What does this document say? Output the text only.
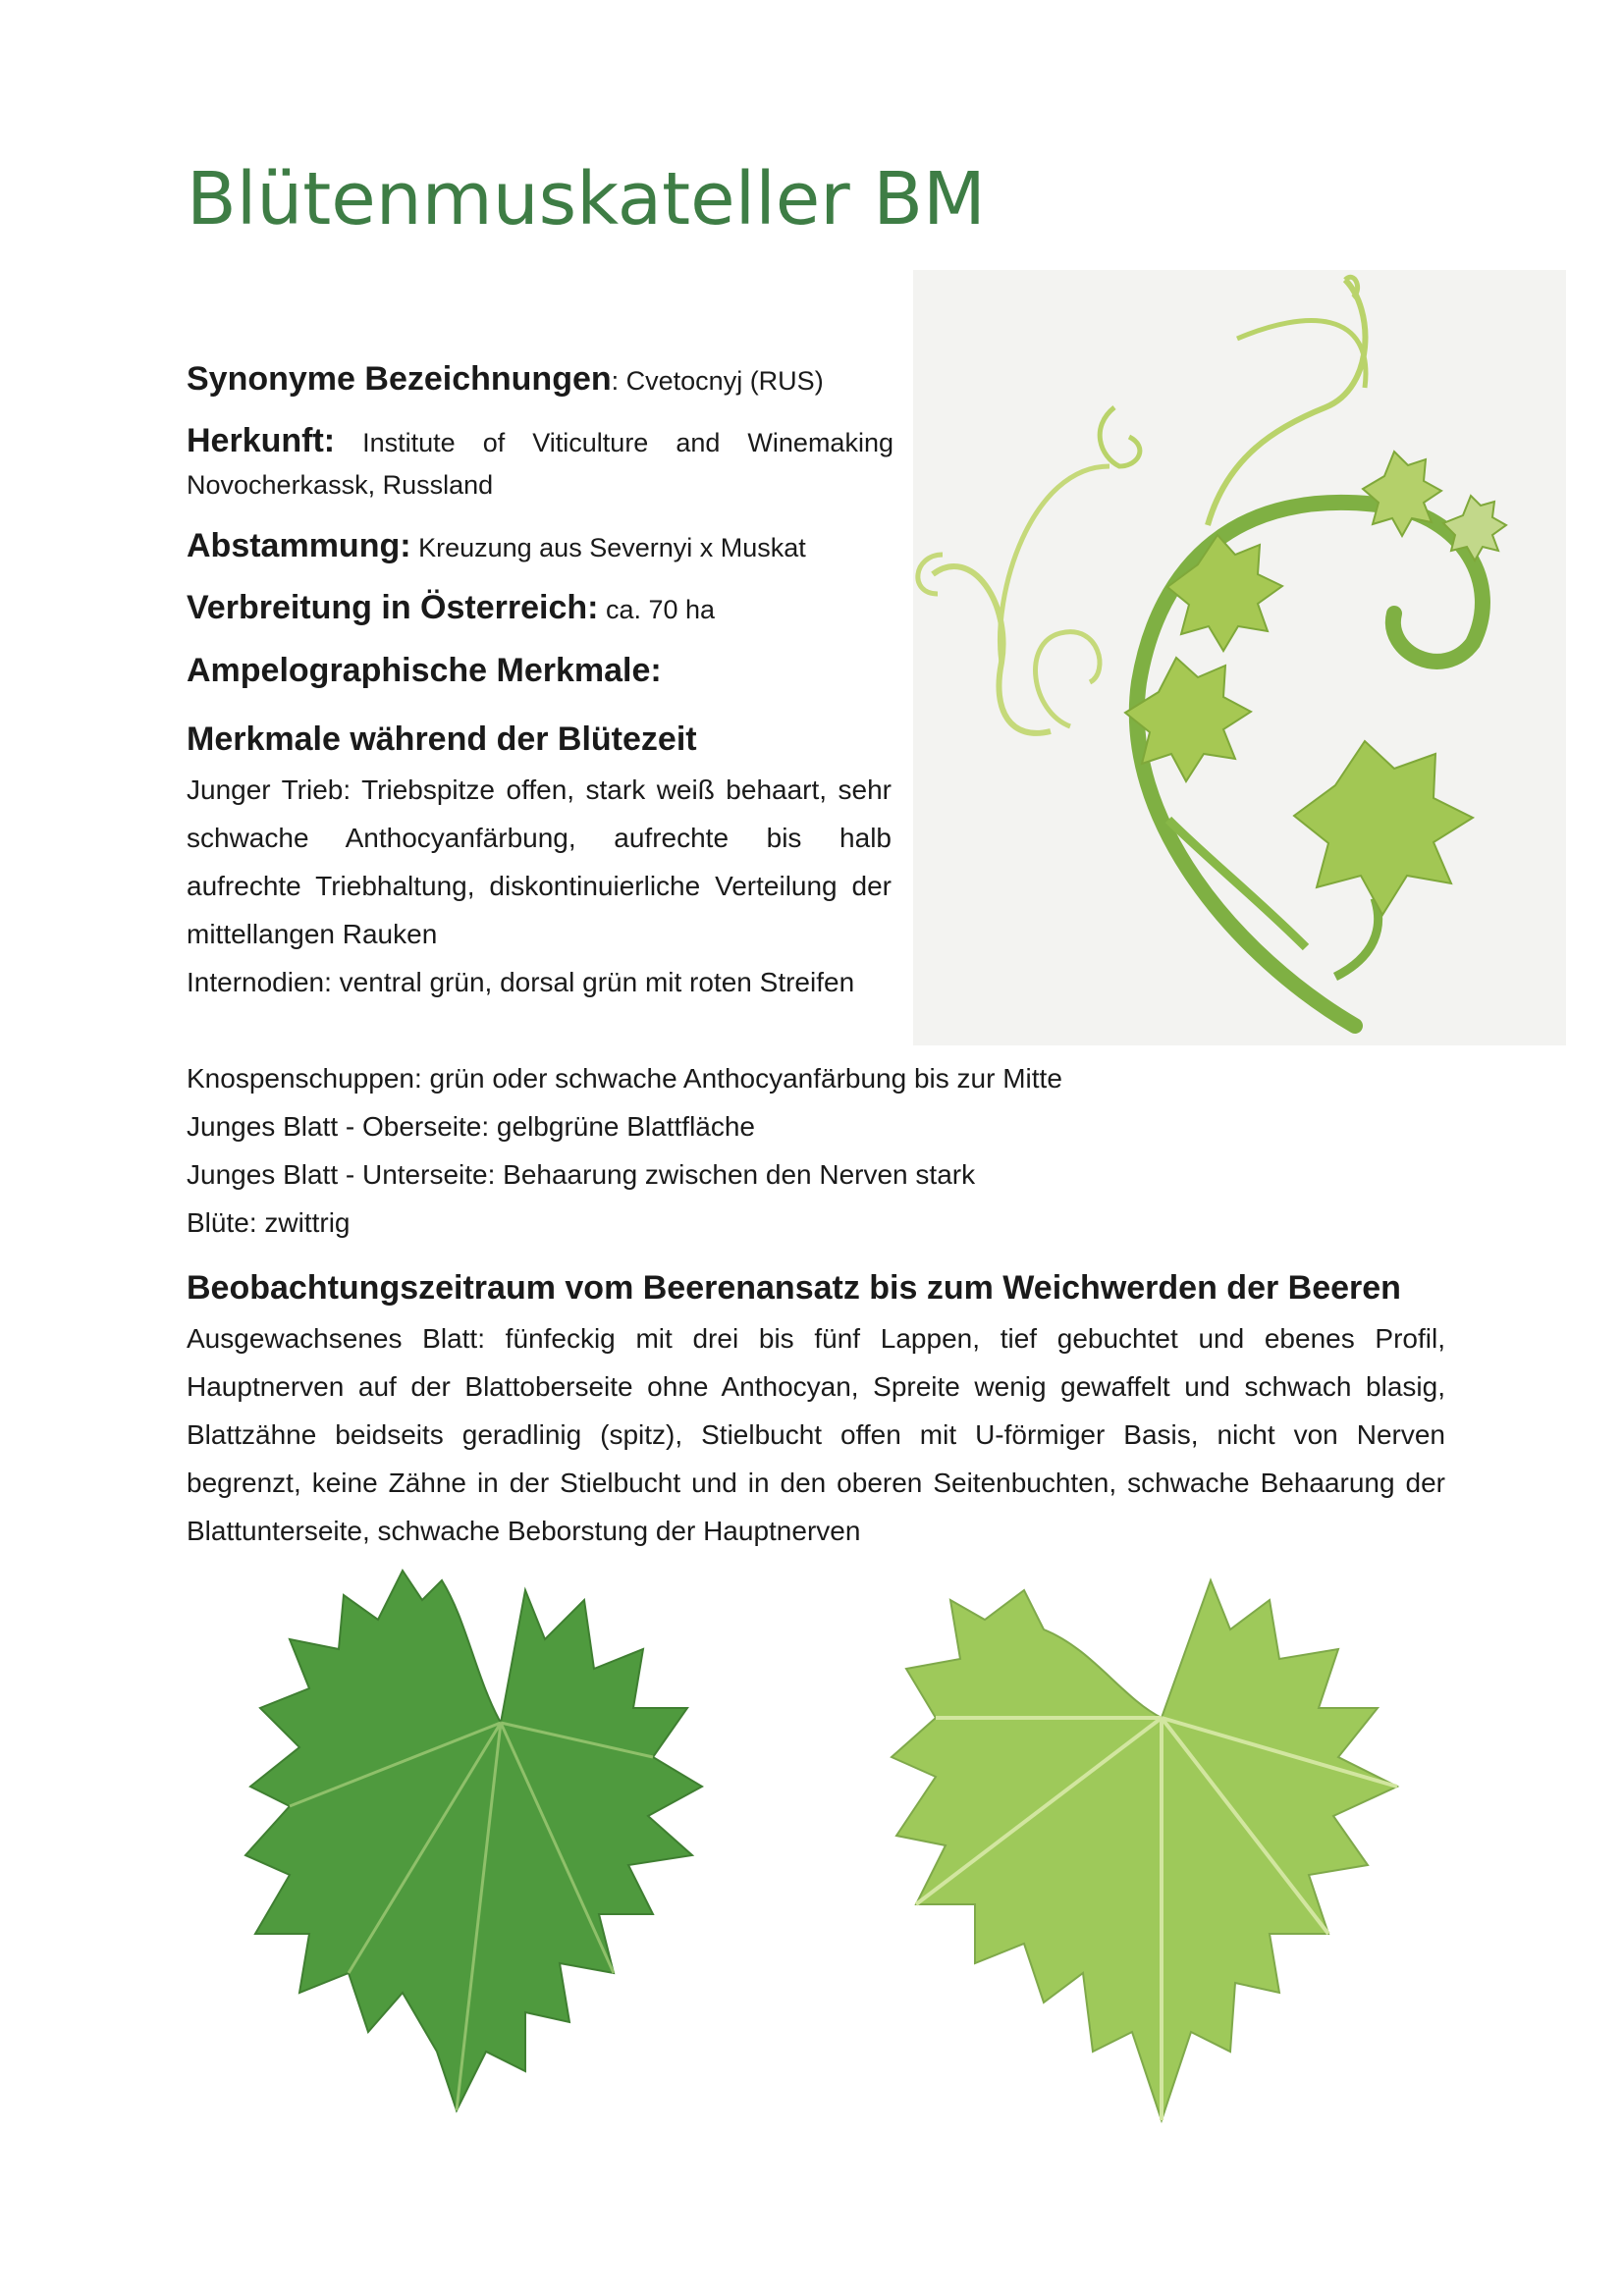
Blütenmuskateller BM
Synonyme Bezeichnungen: Cvetocnyj (RUS)
Herkunft: Institute of Viticulture and Winemaking Novocherkassk, Russland
Abstammung: Kreuzung aus Severnyi x Muskat
Verbreitung in Österreich: ca. 70 ha
Ampelographische Merkmale:
Merkmale während der Blütezeit
Junger Trieb: Triebspitze offen, stark weiß behaart, sehr schwache Anthocyanfärbung, aufrechte bis halb aufrechte Triebhaltung, diskontinuierliche Verteilung der mittellangen Rauken
Internodien: ventral grün, dorsal grün mit roten Streifen
Knospenschuppen: grün oder schwache Anthocyanfärbung bis zur Mitte
Junges Blatt - Oberseite: gelbgrüne Blattfläche
Junges Blatt - Unterseite: Behaarung zwischen den Nerven stark
Blüte: zwittrig
Beobachtungszeitraum vom Beerenansatz bis zum Weichwerden der Beeren
Ausgewachsenes Blatt: fünfeckig mit drei bis fünf Lappen, tief gebuchtet und ebenes Profil, Hauptnerven auf der Blattoberseite ohne Anthocyan, Spreite wenig gewaffelt und schwach blasig, Blattzähne beidseits geradlinig (spitz), Stielbucht offen mit U-förmiger Basis, nicht von Nerven begrenzt, keine Zähne in der Stielbucht und in den oberen Seitenbuchten, schwache Behaarung der Blattunterseite, schwache Beborstung der Hauptnerven
